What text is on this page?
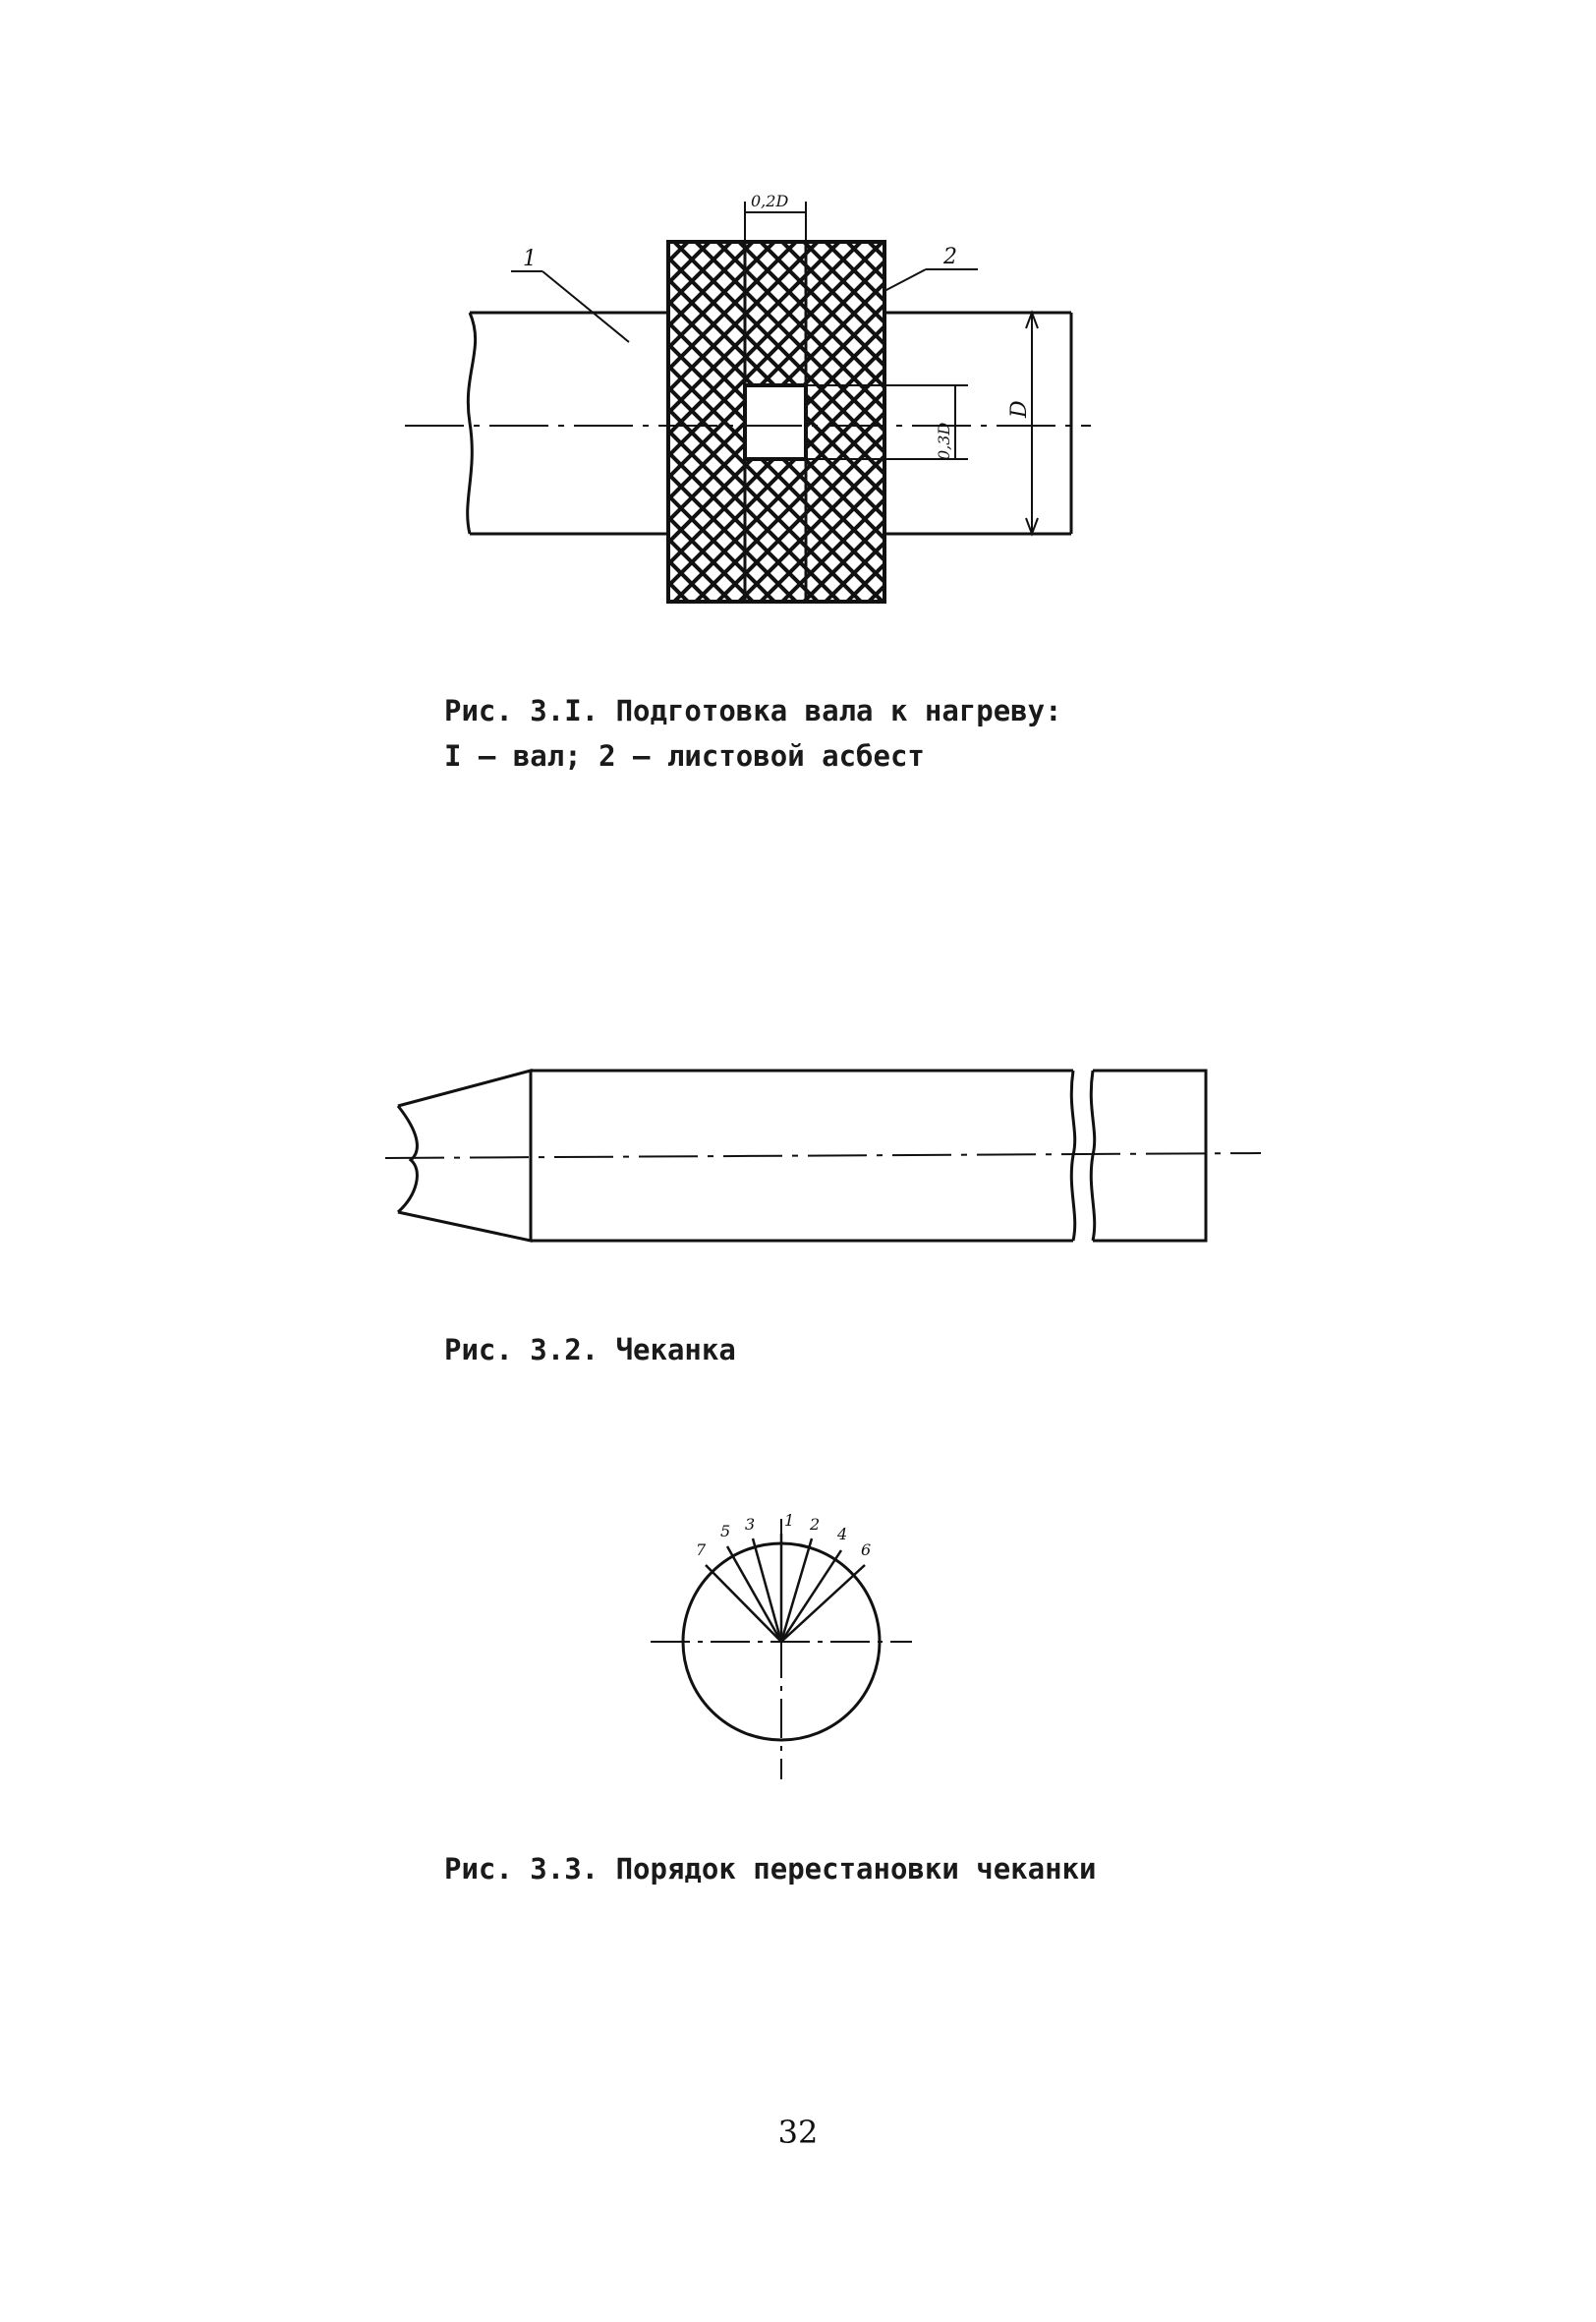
0,2D
0,3D
D
1	2
Рис. 3.I. Подготовка вала к нагреву:
I – вал; 2 – листовой асбест
Рис. 3.2. Чеканка
7
5 3 1 2
4
6
Рис. 3.3. Порядок перестановки чеканки
32
